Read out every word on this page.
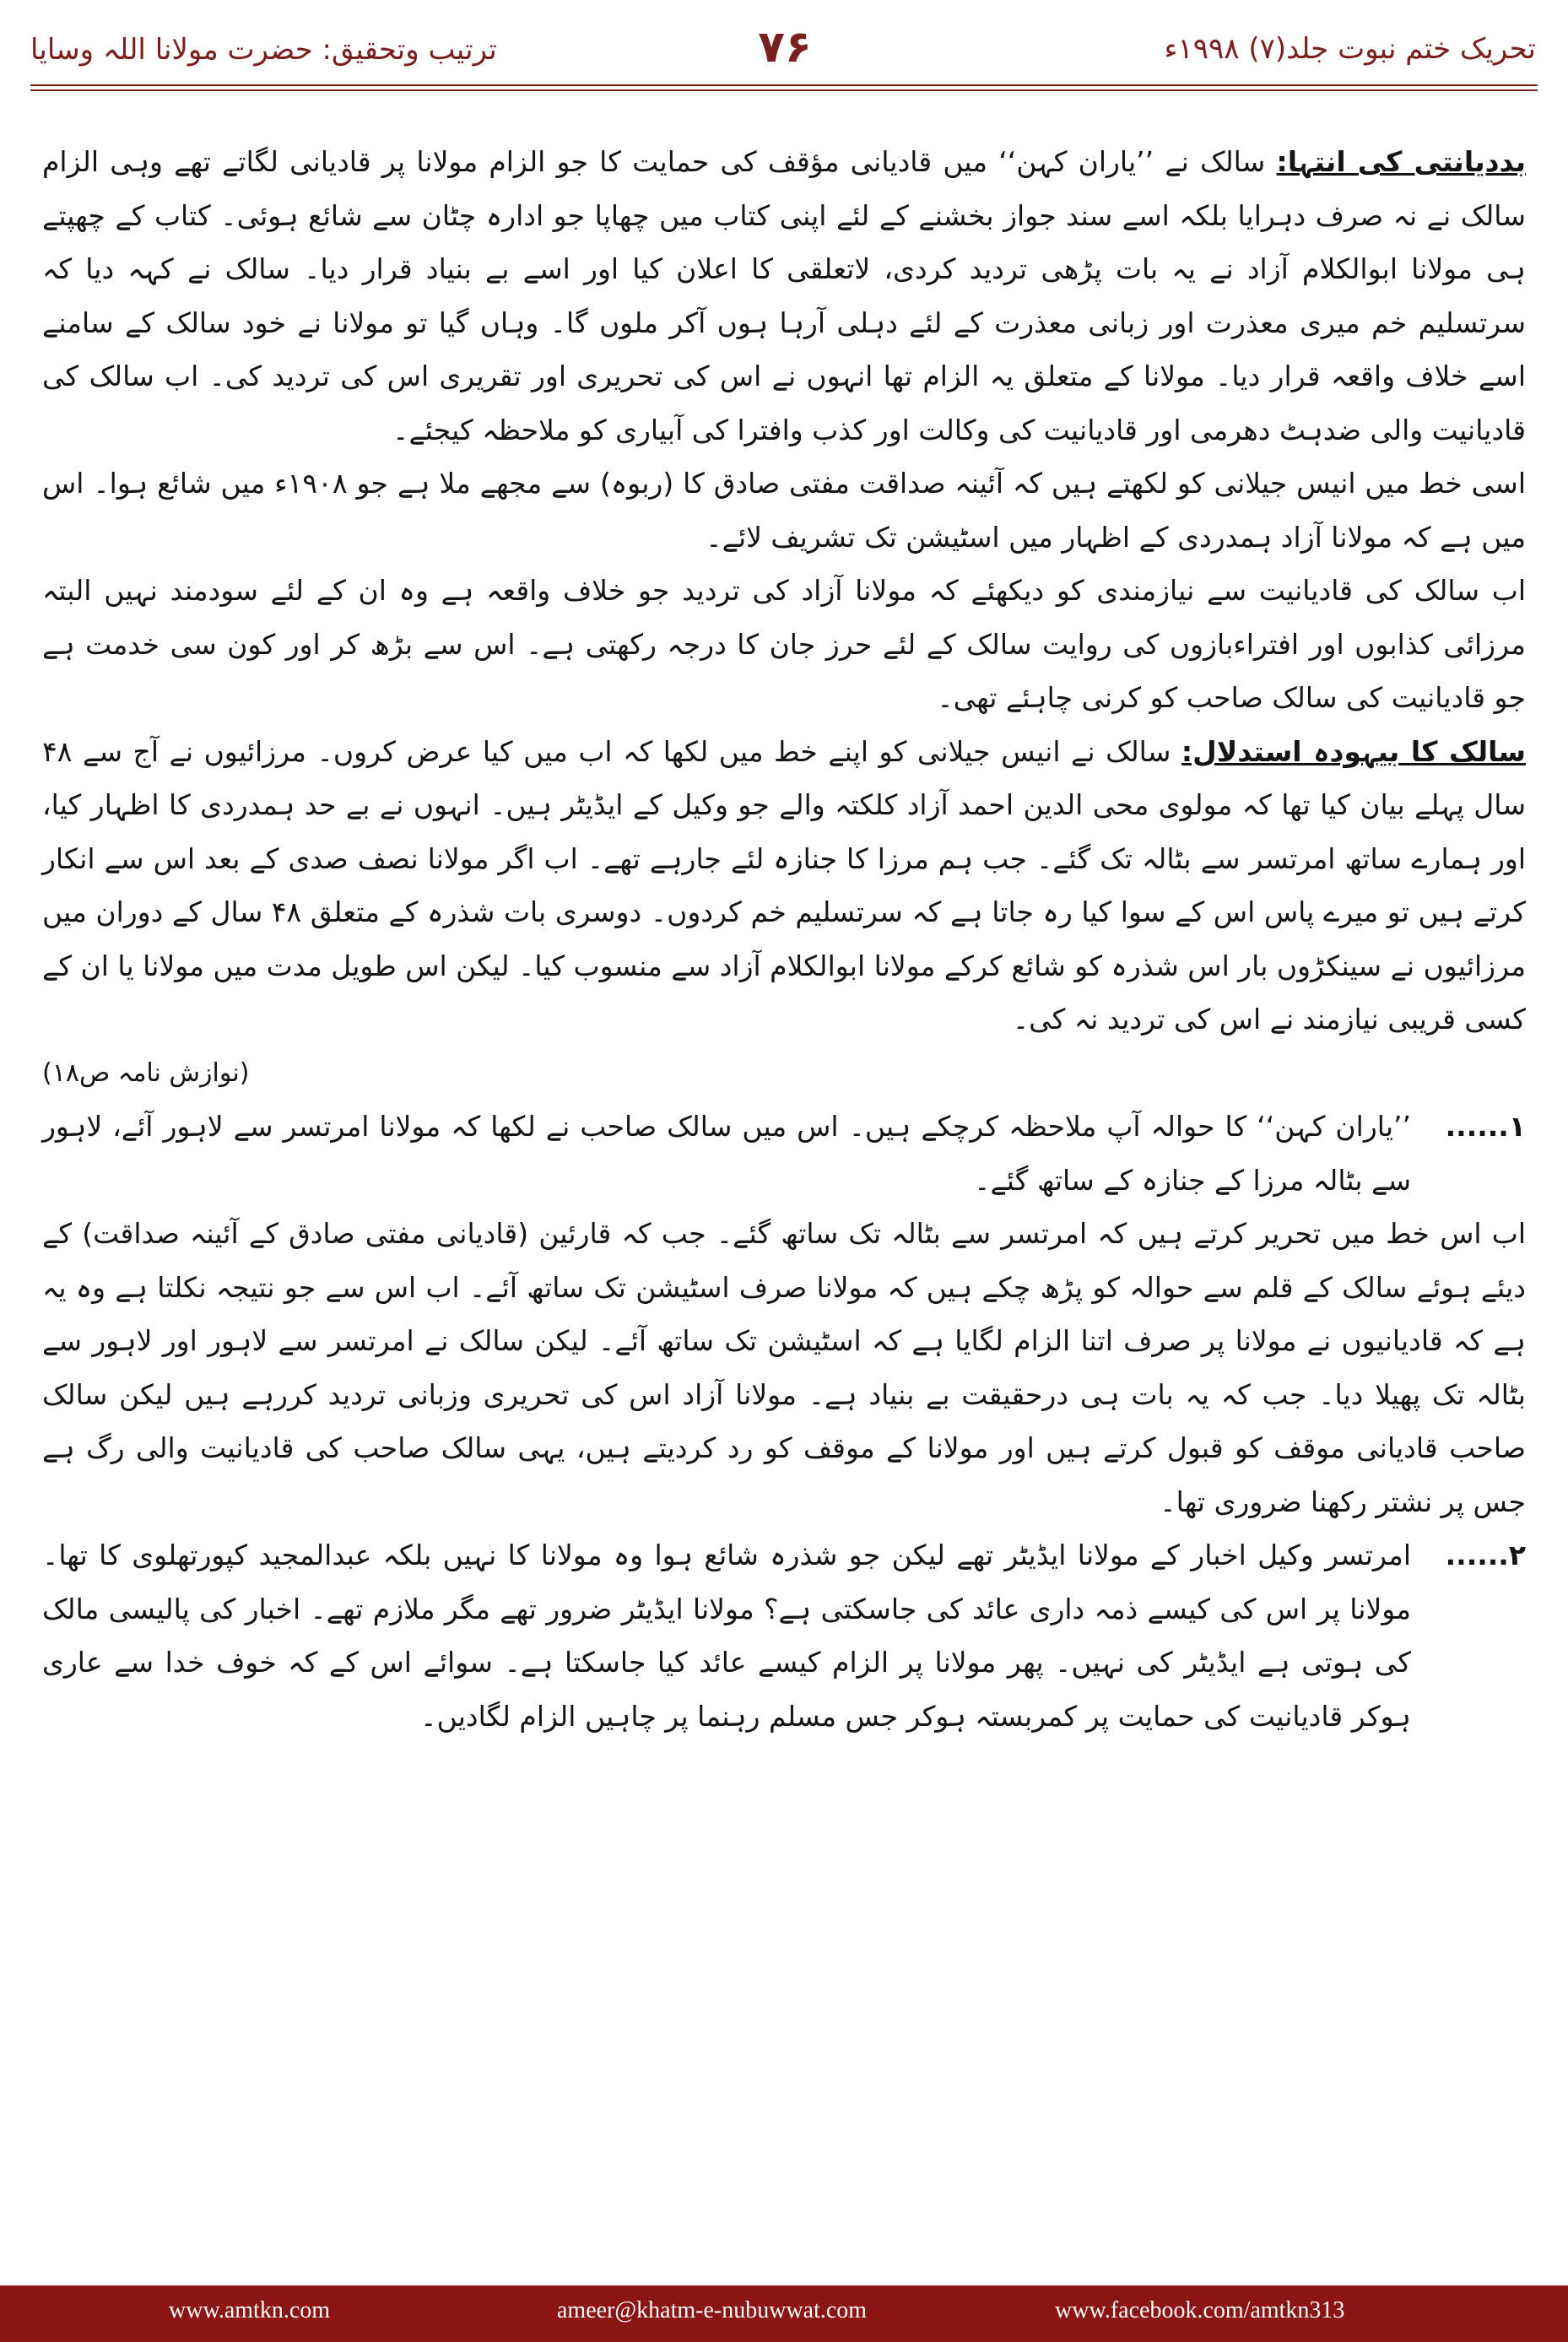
تحریک ختم نبوت جلد(۷) ۱۹۹۸ء
۷۶
ترتیب وتحقیق: حضرت مولانا اللہ وسایا

بددیانتی کی انتہا: سالک نے ’’یاران کہن‘‘ میں قادیانی مؤقف کی حمایت کا جو الزام مولانا پر قادیانی لگاتے تھے وہی الزام سالک نے نہ صرف دہرایا بلکہ اسے سند جواز بخشنے کے لئے اپنی کتاب میں چھاپا جو ادارہ چٹان سے شائع ہوئی۔ کتاب کے چھپتے ہی مولانا ابوالکلام آزاد نے یہ بات پڑھی تردید کردی، لاتعلقی کا اعلان کیا اور اسے بے بنیاد قرار دیا۔ سالک نے کہہ دیا کہ سرتسلیم خم میری معذرت اور زبانی معذرت کے لئے دہلی آرہا ہوں آکر ملوں گا۔ وہاں گیا تو مولانا نے خود سالک کے سامنے اسے خلاف واقعہ قرار دیا۔ مولانا کے متعلق یہ الزام تھا انہوں نے اس کی تحریری اور تقریری اس کی تردید کی۔ اب سالک کی قادیانیت والی ضدہٹ دھرمی اور قادیانیت کی وکالت اور کذب وافترا کی آبیاری کو ملاحظہ کیجئے۔

اسی خط میں انیس جیلانی کو لکھتے ہیں کہ آئینہ صداقت مفتی صادق کا (ربوہ) سے مجھے ملا ہے جو ۱۹۰۸ء میں شائع ہوا۔ اس میں ہے کہ مولانا آزاد ہمدردی کے اظہار میں اسٹیشن تک تشریف لائے۔

اب سالک کی قادیانیت سے نیازمندی کو دیکھئے کہ مولانا آزاد کی تردید جو خلاف واقعہ ہے وہ ان کے لئے سودمند نہیں البتہ مرزائی کذابوں اور افتراءبازوں کی روایت سالک کے لئے حرز جان کا درجہ رکھتی ہے۔ اس سے بڑھ کر اور کون سی خدمت ہے جو قادیانیت کی سالک صاحب کو کرنی چاہئے تھی۔

سالک کا بیہودہ استدلال: سالک نے انیس جیلانی کو اپنے خط میں لکھا کہ اب میں کیا عرض کروں۔ مرزائیوں نے آج سے ۴۸ سال پہلے بیان کیا تھا کہ مولوی محی الدین احمد آزاد کلکتہ والے جو وکیل کے ایڈیٹر ہیں۔ انہوں نے بے حد ہمدردی کا اظہار کیا، اور ہمارے ساتھ امرتسر سے بٹالہ تک گئے۔ جب ہم مرزا کا جنازہ لئے جارہے تھے۔ اب اگر مولانا نصف صدی کے بعد اس سے انکار کرتے ہیں تو میرے پاس اس کے سوا کیا رہ جاتا ہے کہ سرتسلیم خم کردوں۔ دوسری بات شذرہ کے متعلق ۴۸ سال کے دوران میں مرزائیوں نے سینکڑوں بار اس شذرہ کو شائع کرکے مولانا ابوالکلام آزاد سے منسوب کیا۔ لیکن اس طویل مدت میں مولانا یا ان کے کسی قریبی نیازمند نے اس کی تردید نہ کی۔

(نوازش نامہ ص۱۸)

۱......
’’یاران کہن‘‘ کا حوالہ آپ ملاحظہ کرچکے ہیں۔ اس میں سالک صاحب نے لکھا کہ مولانا امرتسر سے لاہور آئے، لاہور سے بٹالہ مرزا کے جنازہ کے ساتھ گئے۔

اب اس خط میں تحریر کرتے ہیں کہ امرتسر سے بٹالہ تک ساتھ گئے۔ جب کہ قارئین (قادیانی مفتی صادق کے آئینہ صداقت) کے دیئے ہوئے سالک کے قلم سے حوالہ کو پڑھ چکے ہیں کہ مولانا صرف اسٹیشن تک ساتھ آئے۔ اب اس سے جو نتیجہ نکلتا ہے وہ یہ ہے کہ قادیانیوں نے مولانا پر صرف اتنا الزام لگایا ہے کہ اسٹیشن تک ساتھ آئے۔ لیکن سالک نے امرتسر سے لاہور اور لاہور سے بٹالہ تک پھیلا دیا۔ جب کہ یہ بات ہی درحقیقت بے بنیاد ہے۔ مولانا آزاد اس کی تحریری وزبانی تردید کررہے ہیں لیکن سالک صاحب قادیانی موقف کو قبول کرتے ہیں اور مولانا کے موقف کو رد کردیتے ہیں، یہی سالک صاحب کی قادیانیت والی رگ ہے جس پر نشتر رکھنا ضروری تھا۔

۲......
امرتسر وکیل اخبار کے مولانا ایڈیٹر تھے لیکن جو شذرہ شائع ہوا وہ مولانا کا نہیں بلکہ عبدالمجید کپورتھلوی کا تھا۔ مولانا پر اس کی کیسے ذمہ داری عائد کی جاسکتی ہے؟ مولانا ایڈیٹر ضرور تھے مگر ملازم تھے۔ اخبار کی پالیسی مالک کی ہوتی ہے ایڈیٹر کی نہیں۔ پھر مولانا پر الزام کیسے عائد کیا جاسکتا ہے۔ سوائے اس کے کہ خوف خدا سے عاری ہوکر قادیانیت کی حمایت پر کمربستہ ہوکر جس مسلم رہنما پر چاہیں الزام لگادیں۔
www.amtkn.com	ameer@khatm-e-nubuwwat.com	www.facebook.com/amtkn313
